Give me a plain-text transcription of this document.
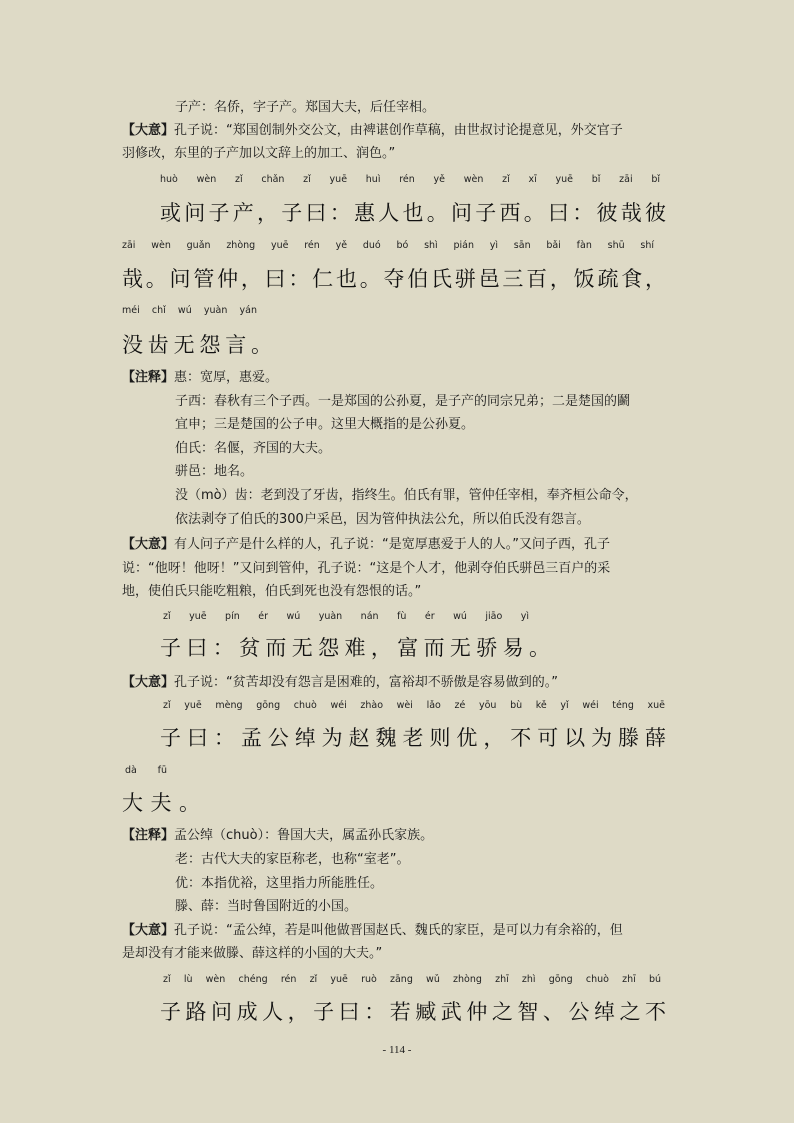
子产：名侨，字子产。郑国大夫，后任宰相。
【大意】孔子说：“郑国创制外交公文，由裨谌创作草稿，由世叔讨论提意见，外交官子
羽修改，东里的子产加以文辞上的加工、润色。”
huò wèn zǐ chǎn zǐ yuē huì rén yě wèn zǐ xī yuē bǐ zāi bǐ
或问子产，子曰：惠人也。问子西。曰：彼哉彼
zāi wèn guǎn zhòng yuē rén yě duó bó shì pián yì sān bǎi fàn shū shí
哉。问管仲，曰：仁也。夺伯氏骈邑三百，饭疏食，
méi chǐ wú yuàn yán
没齿无怨言。
【注释】惠：宽厚，惠爱。
子西：春秋有三个子西。一是郑国的公孙夏，是子产的同宗兄弟；二是楚国的鬬
宜申；三是楚国的公子申。这里大概指的是公孙夏。
伯氏：名偃，齐国的大夫。
骈邑：地名。
没（mò）齿：老到没了牙齿，指终生。伯氏有罪，管仲任宰相，奉齐桓公命令，
依法剥夺了伯氏的300户采邑，因为管仲执法公允，所以伯氏没有怨言。
【大意】有人问子产是什么样的人，孔子说：“是宽厚惠爱于人的人。”又问子西，孔子
说：“他呀！他呀！”又问到管仲，孔子说：“这是个人才，他剥夺伯氏骈邑三百户的采
地，使伯氏只能吃粗粮，伯氏到死也没有怨恨的话。”
zǐ yuē pín ér wú yuàn nán fù ér wú jiāo yì
子曰：贫而无怨难，富而无骄易。
【大意】孔子说：“贫苦却没有怨言是困难的，富裕却不骄傲是容易做到的。”
zǐ yuē mèng gōng chuò wéi zhào wèi lǎo zé yōu bù kě yǐ wéi téng xuē
子曰：孟公绰为赵魏老则优，不可以为滕薛
dà fū
大夫。
【注释】孟公绰（chuò）：鲁国大夫，属孟孙氏家族。
老：古代大夫的家臣称老，也称“室老”。
优：本指优裕，这里指力所能胜任。
滕、薛：当时鲁国附近的小国。
【大意】孔子说：“孟公绰，若是叫他做晋国赵氏、魏氏的家臣，是可以力有余裕的，但
是却没有才能来做滕、薛这样的小国的大夫。”
zǐ lù wèn chéng rén zǐ yuē ruò zāng wǔ zhòng zhī zhì gōng chuò zhī bú
子路问成人，子曰：若臧武仲之智、公绰之不
- 114 -
